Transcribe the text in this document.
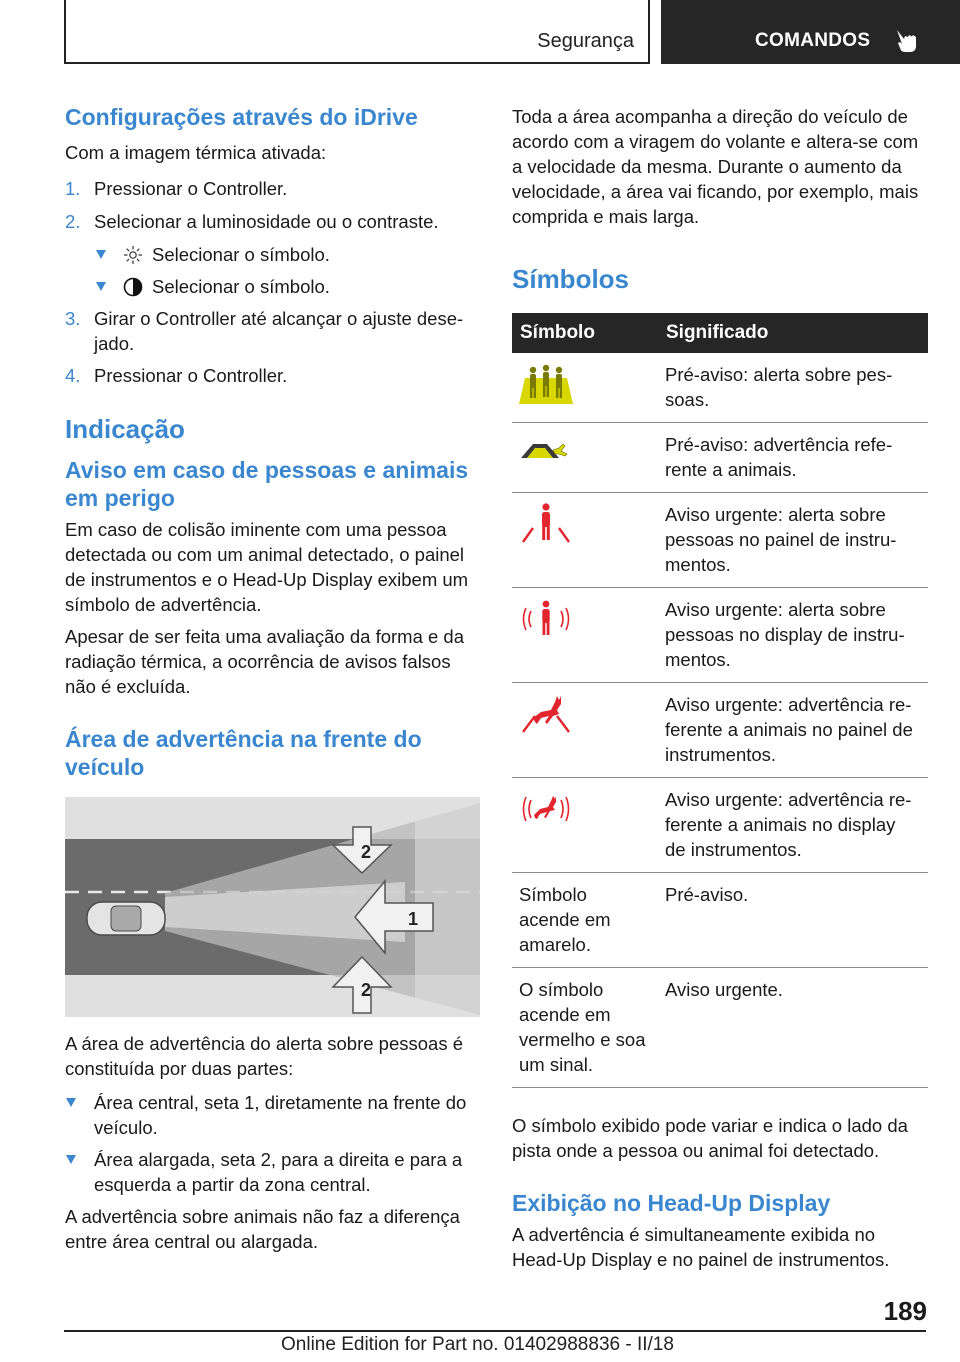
Segurança	COMANDOS
Configurações através do iDrive

Com a imagem térmica ativada:

1. Pressionar o Controller.
2. Selecionar a luminosidade ou o contraste.
Selecionar o símbolo.
Selecionar o símbolo.
3. Girar o Controller até alcançar o ajuste dese-jado.
4. Pressionar o Controller.
Indicação
Aviso em caso de pessoas e animais em perigo

Em caso de colisão iminente com uma pessoa detectada ou com um animal detectado, o painel de instrumentos e o Head-Up Display exibem um símbolo de advertência.

Apesar de ser feita uma avaliação da forma e da radiação térmica, a ocorrência de avisos falsos não é excluída.

Área de advertência na frente do veículo
1
2
2

A área de advertência do alerta sobre pessoas é constituída por duas partes:

Área central, seta 1, diretamente na frente do veículo.
Área alargada, seta 2, para a direita e para a esquerda a partir da zona central.

A advertência sobre animais não faz a diferença entre área central ou alargada.

Toda a área acompanha a direção do veículo de acordo com a viragem do volante e altera-se com a velocidade da mesma. Durante o aumento da velocidade, a área vai ficando, por exemplo, mais comprida e mais larga.

Símbolos
Símbolo	Significado

	Pré-aviso: alerta sobre pes-soas.

	Pré-aviso: advertência refe-rente a animais.

	Aviso urgente: alerta sobre pessoas no painel de instru-mentos.

	Aviso urgente: alerta sobre pessoas no display de instru-mentos.

	Aviso urgente: advertência re-ferente a animais no painel de instrumentos.

	Aviso urgente: advertência re-ferente a animais no display de instrumentos.
Símbolo acende em amarelo.	Pré-aviso.
O símbolo acende em vermelho e soa um sinal.	Aviso urgente.

O símbolo exibido pode variar e indica o lado da pista onde a pessoa ou animal foi detectado.

Exibição no Head-Up Display

A advertência é simultaneamente exibida no Head-Up Display e no painel de instrumentos.

189
Online Edition for Part no. 01402988836 - II/18
